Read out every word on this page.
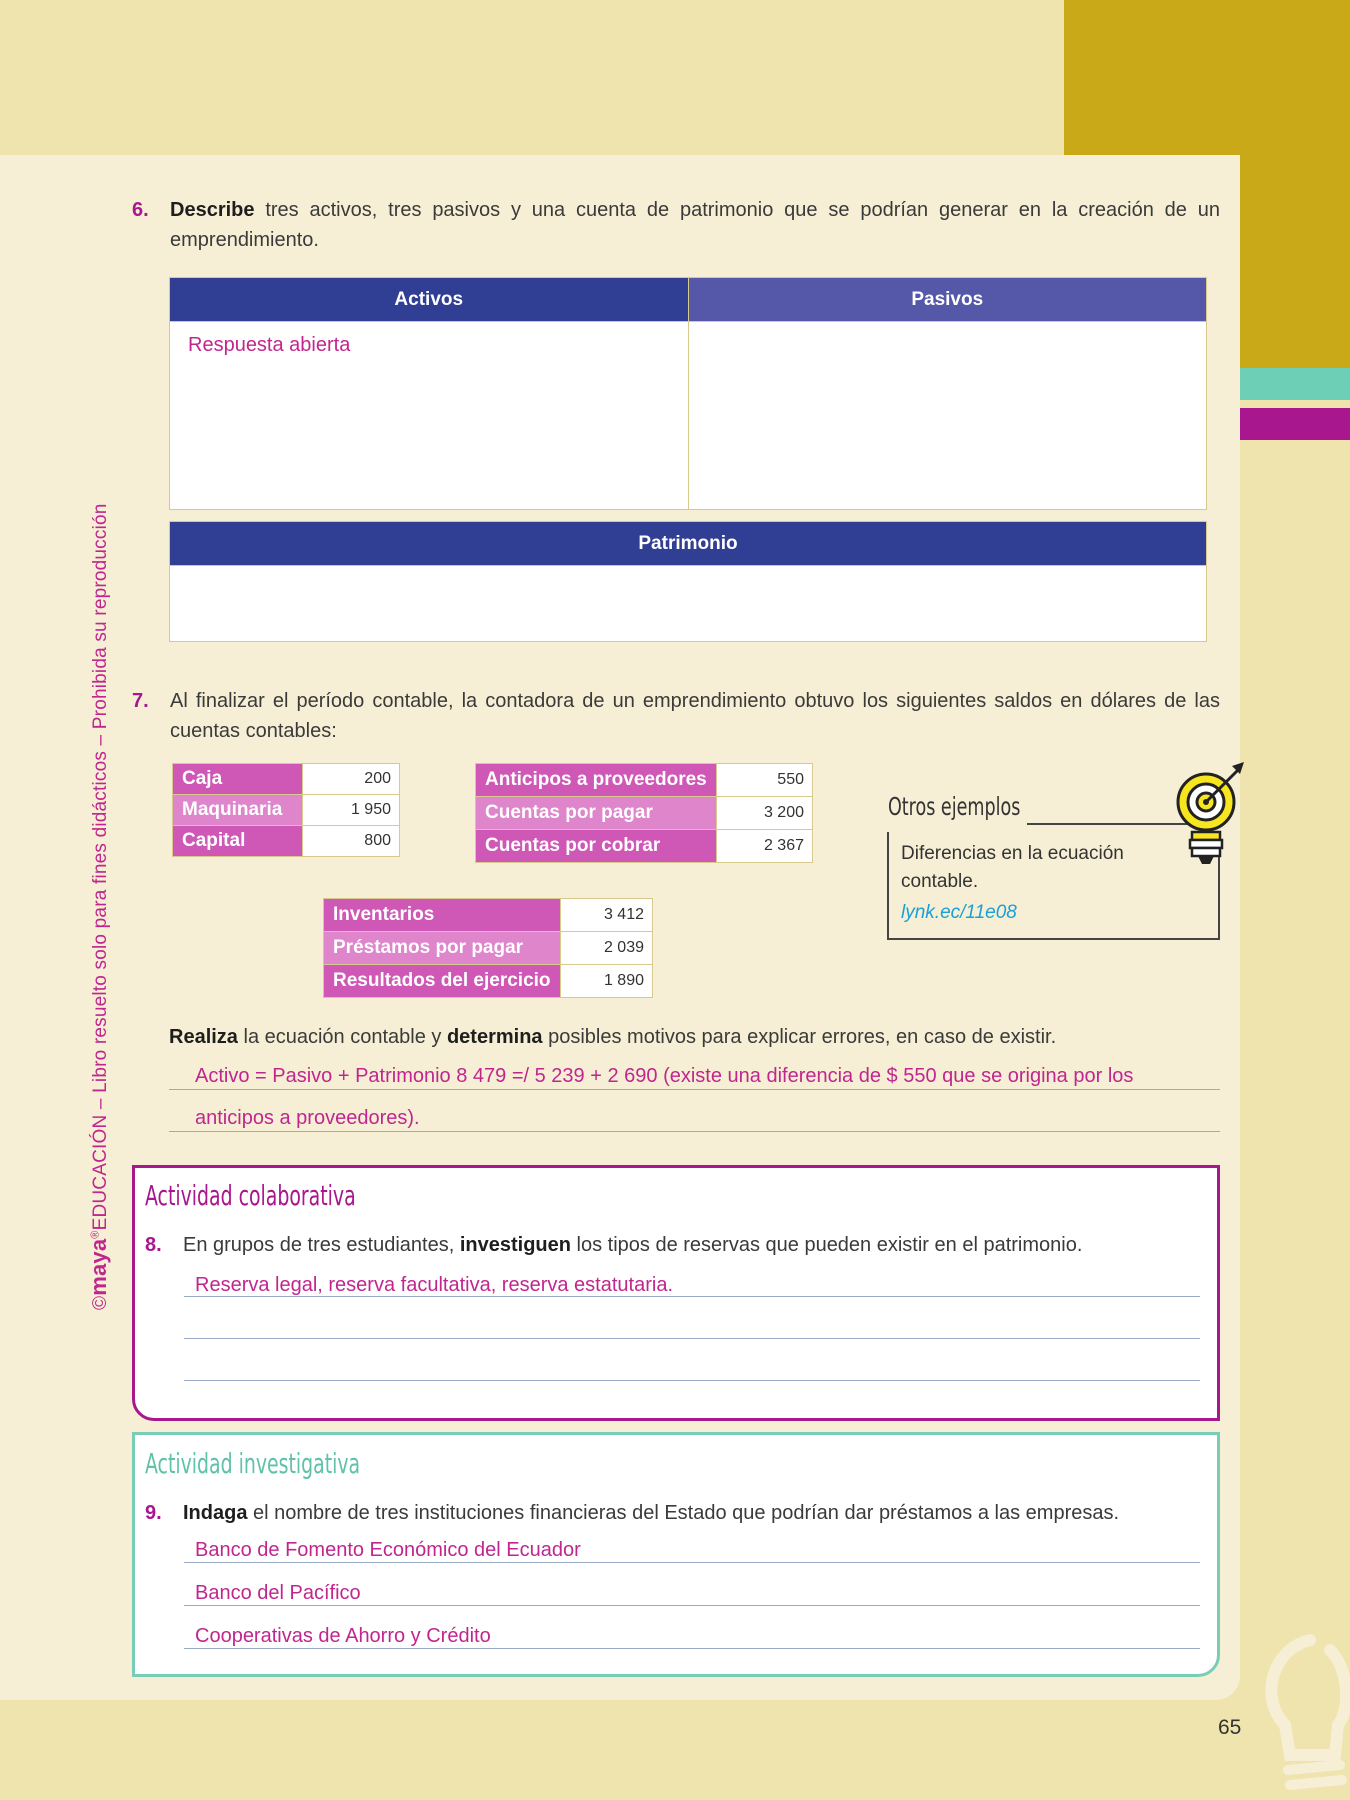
©maya®EDUCACIÓN – Libro resuelto solo para fines didácticos – Prohibida su reproducción
6.	Describe tres activos, tres pasivos y una cuenta de patrimonio que se podrían generar en la creación de un emprendimiento.
Activos	Pasivos
Respuesta abierta	
Patrimonio

7.	Al finalizar el período contable, la contadora de un emprendimiento obtuvo los siguientes saldos en dólares de las cuentas contables:
Caja	200
Maquinaria	1 950
Capital	800
Anticipos a proveedores	550
Cuentas por pagar	3 200
Cuentas por cobrar	2 367
Inventarios	3 412
Préstamos por pagar	2 039
Resultados del ejercicio	1 890
Otros ejemplos
Diferencias en la ecuación contable.
lynk.ec/11e08
Realiza la ecuación contable y determina posibles motivos para explicar errores, en caso de existir.
Activo = Pasivo + Patrimonio 8 479 =/ 5 239 + 2 690 (existe una diferencia de $ 550 que se origina por los
anticipos a proveedores).
Actividad colaborativa
8.	En grupos de tres estudiantes, investiguen los tipos de reservas que pueden existir en el patrimonio.
Reserva legal, reserva facultativa, reserva estatutaria.
Actividad investigativa
9.	Indaga el nombre de tres instituciones financieras del Estado que podrían dar préstamos a las empresas.
Banco de Fomento Económico del Ecuador
Banco del Pacífico
Cooperativas de Ahorro y Crédito
65
